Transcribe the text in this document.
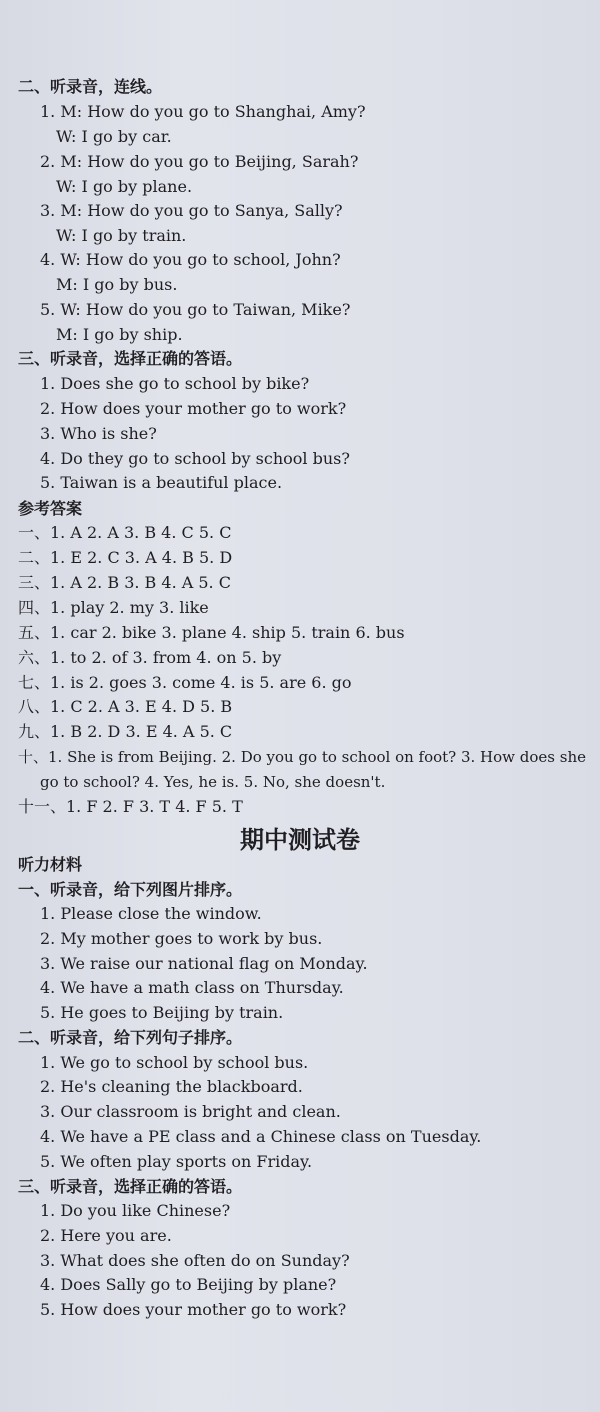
二、听录音，连线。
1. M: How do you go to Shanghai, Amy?
W: I go by car.
2. M: How do you go to Beijing, Sarah?
W: I go by plane.
3. M: How do you go to Sanya, Sally?
W: I go by train.
4. W: How do you go to school, John?
M: I go by bus.
5. W: How do you go to Taiwan, Mike?
M: I go by ship.
三、听录音，选择正确的答语。
1. Does she go to school by bike?
2. How does your mother go to work?
3. Who is she?
4. Do they go to school by school bus?
5. Taiwan is a beautiful place.
参考答案
一、1. A 2. A 3. B 4. C 5. C
二、1. E 2. C 3. A 4. B 5. D
三、1. A 2. B 3. B 4. A 5. C
四、1. play 2. my 3. like
五、1. car 2. bike 3. plane 4. ship 5. train 6. bus
六、1. to 2. of 3. from 4. on 5. by
七、1. is 2. goes 3. come 4. is 5. are 6. go
八、1. C 2. A 3. E 4. D 5. B
九、1. B 2. D 3. E 4. A 5. C
十、1. She is from Beijing. 2. Do you go to school on foot? 3. How does she
go to school? 4. Yes, he is. 5. No, she doesn't.
十一、1. F 2. F 3. T 4. F 5. T
期中测试卷
听力材料
一、听录音，给下列图片排序。
1. Please close the window.
2. My mother goes to work by bus.
3. We raise our national flag on Monday.
4. We have a math class on Thursday.
5. He goes to Beijing by train.
二、听录音，给下列句子排序。
1. We go to school by school bus.
2. He's cleaning the blackboard.
3. Our classroom is bright and clean.
4. We have a PE class and a Chinese class on Tuesday.
5. We often play sports on Friday.
三、听录音，选择正确的答语。
1. Do you like Chinese?
2. Here you are.
3. What does she often do on Sunday?
4. Does Sally go to Beijing by plane?
5. How does your mother go to work?
